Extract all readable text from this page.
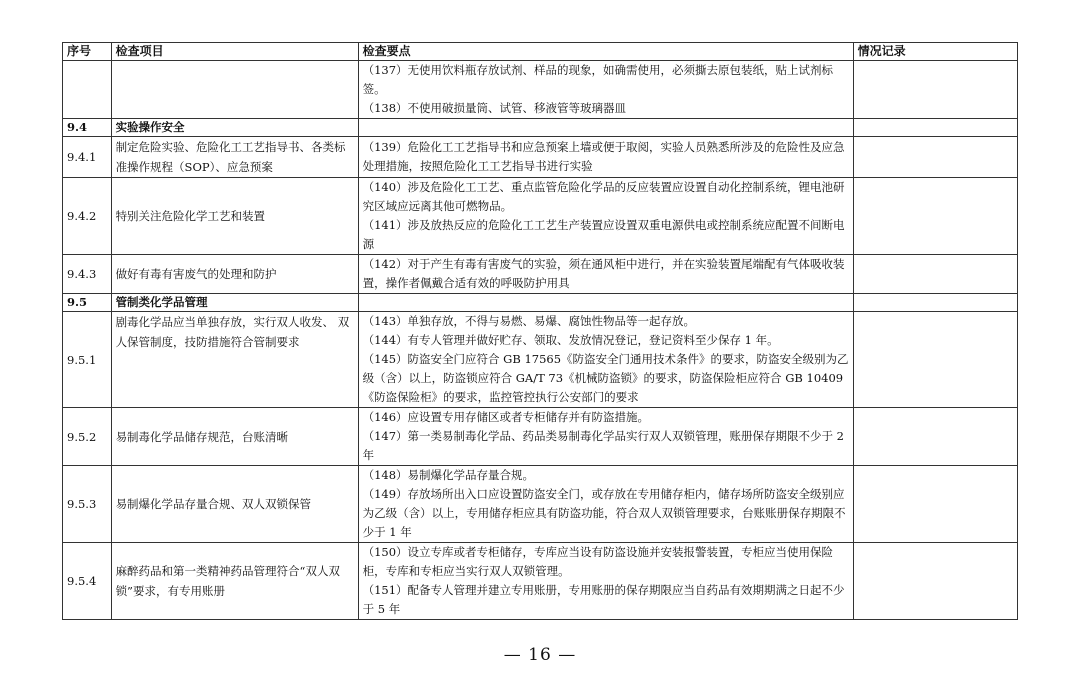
序号	检查项目	检查要点	情况记录

		（137）无使用饮料瓶存放试剂、样品的现象，如确需使用，必须撕去原包装纸，贴上试剂标签。
（138）不使用破损量筒、试管、移液管等玻璃器皿	

9.4	实验操作安全		
9.4.1	制定危险实验、危险化工工艺指导书、各类标准操作规程（SOP）、应急预案	（139）危险化工工艺指导书和应急预案上墙或便于取阅，实验人员熟悉所涉及的危险性及应急处理措施，按照危险化工工艺指导书进行实验	

9.4.2	特别关注危险化学工艺和装置	（140）涉及危险化工工艺、重点监管危险化学品的反应装置应设置自动化控制系统，锂电池研究区域应远离其他可燃物品。
（141）涉及放热反应的危险化工工艺生产装置应设置双重电源供电或控制系统应配置不间断电源	

9.4.3	做好有毒有害废气的处理和防护	（142）对于产生有毒有害废气的实验，须在通风柜中进行，并在实验装置尾端配有气体吸收装置，操作者佩戴合适有效的呼吸防护用具	

9.5	管制类化学品管理		
9.5.1	剧毒化学品应当单独存放，实行双人收发、 双人保管制度，技防措施符合管制要求	（143）单独存放，不得与易燃、易爆、腐蚀性物品等一起存放。
（144）有专人管理并做好贮存、领取、发放情况登记，登记资料至少保存 1 年。
（145）防盗安全门应符合 GB 17565《防盗安全门通用技术条件》的要求，防盗安全级别为乙级（含）以上，防盗锁应符合 GA/T 73《机械防盗锁》的要求，防盗保险柜应符合 GB 10409《防盗保险柜》的要求，监控管控执行公安部门的要求	

9.5.2	易制毒化学品储存规范，台账清晰	（146）应设置专用存储区或者专柜储存并有防盗措施。
（147）第一类易制毒化学品、药品类易制毒化学品实行双人双锁管理，账册保存期限不少于 2 年	

9.5.3	易制爆化学品存量合规、双人双锁保管	（148）易制爆化学品存量合规。
（149）存放场所出入口应设置防盗安全门，或存放在专用储存柜内，储存场所防盗安全级别应为乙级（含）以上，专用储存柜应具有防盗功能，符合双人双锁管理要求，台账账册保存期限不少于 1 年	

9.5.4	麻醉药品和第一类精神药品管理符合“双人双锁”要求，有专用账册	（150）设立专库或者专柜储存，专库应当设有防盗设施并安装报警装置，专柜应当使用保险柜，专库和专柜应当实行双人双锁管理。
（151）配备专人管理并建立专用账册，专用账册的保存期限应当自药品有效期期满之日起不少于 5 年	

— 16 —
